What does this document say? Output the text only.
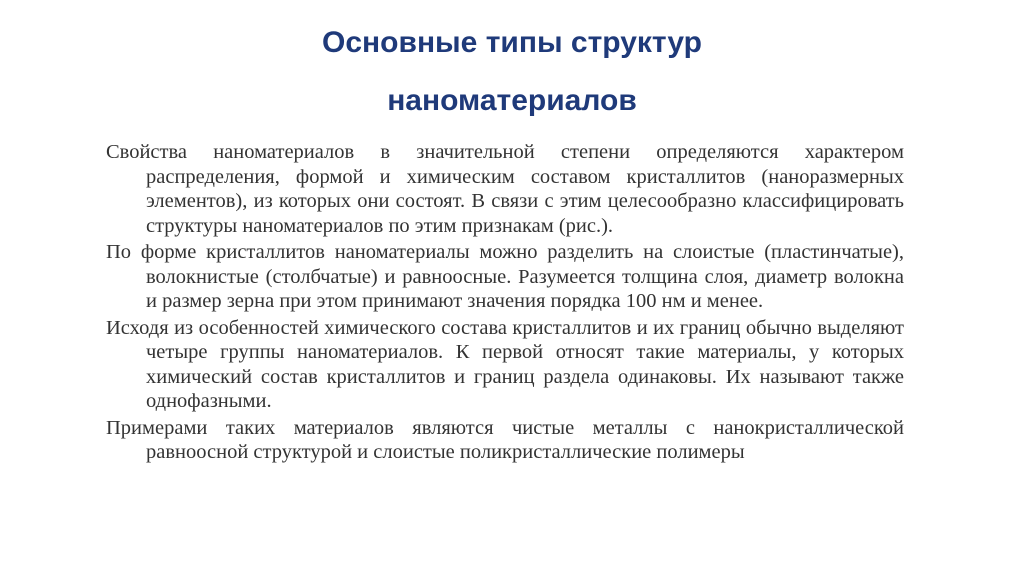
Основные типы структур
наноматериалов

Свойства наноматериалов в значительной степени определяются характером распределения, формой и химическим составом кристаллитов (наноразмерных элементов), из которых они состоят. В связи с этим целесообразно классифицировать структуры наноматериалов по этим признакам (рис.).

По форме кристаллитов наноматериалы можно разделить на слоистые (пластинчатые), волокнистые (столбчатые) и равноосные. Разумеется толщина слоя, диаметр волокна и размер зерна при этом принимают значения порядка 100 нм и менее.

Исходя из особенностей химического состава кристаллитов и их границ обычно выделяют четыре группы наноматериалов. К первой относят такие материалы, у которых химический состав кристаллитов и границ раздела одинаковы. Их называют также однофазными.

Примерами таких материалов являются чистые металлы с нанокристаллической равноосной структурой и слоистые поликристаллические полимеры
